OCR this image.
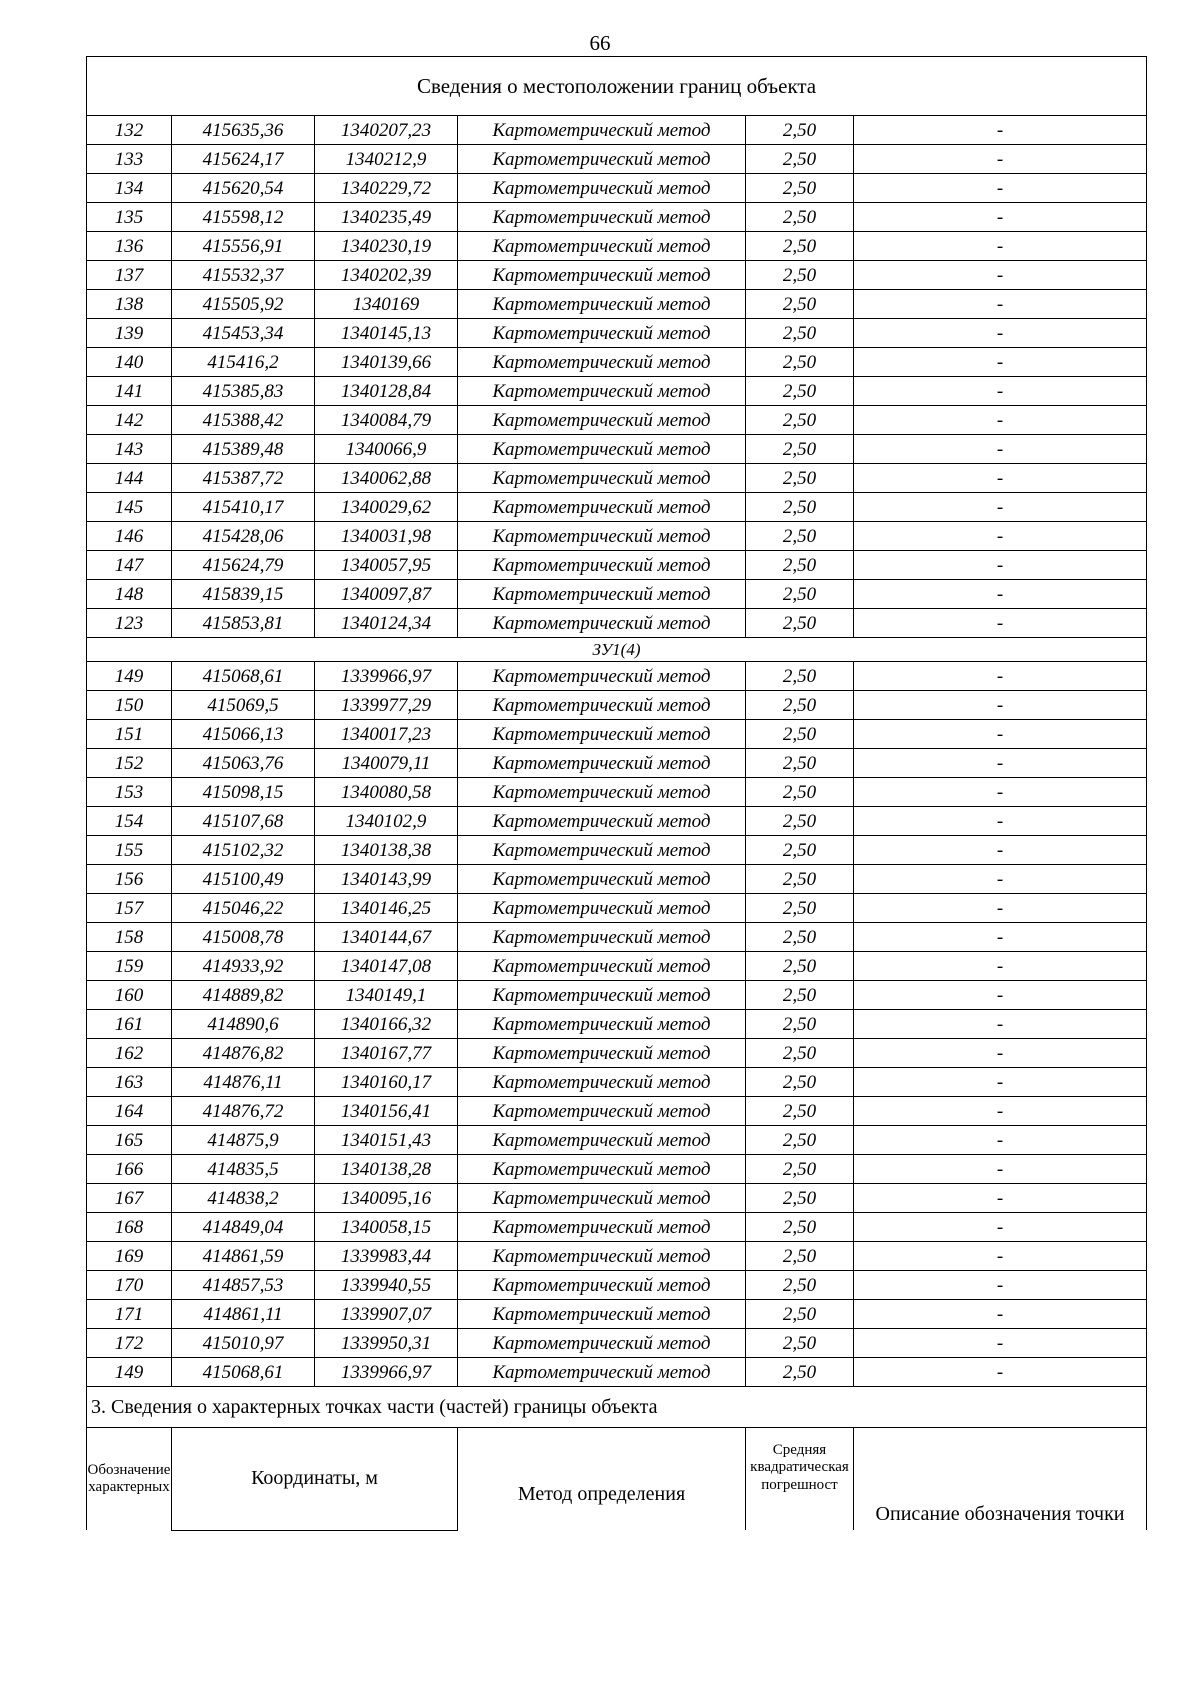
66
Сведения о местоположении границ объекта					
132	415635,36	1340207,23	Картометрический метод	2,50	-
133	415624,17	1340212,9	Картометрический метод	2,50	-
134	415620,54	1340229,72	Картометрический метод	2,50	-
135	415598,12	1340235,49	Картометрический метод	2,50	-
136	415556,91	1340230,19	Картометрический метод	2,50	-
137	415532,37	1340202,39	Картометрический метод	2,50	-
138	415505,92	1340169	Картометрический метод	2,50	-
139	415453,34	1340145,13	Картометрический метод	2,50	-
140	415416,2	1340139,66	Картометрический метод	2,50	-
141	415385,83	1340128,84	Картометрический метод	2,50	-
142	415388,42	1340084,79	Картометрический метод	2,50	-
143	415389,48	1340066,9	Картометрический метод	2,50	-
144	415387,72	1340062,88	Картометрический метод	2,50	-
145	415410,17	1340029,62	Картометрический метод	2,50	-
146	415428,06	1340031,98	Картометрический метод	2,50	-
147	415624,79	1340057,95	Картометрический метод	2,50	-
148	415839,15	1340097,87	Картометрический метод	2,50	-
123	415853,81	1340124,34	Картометрический метод	2,50	-
ЗУ1(4)					
149	415068,61	1339966,97	Картометрический метод	2,50	-
150	415069,5	1339977,29	Картометрический метод	2,50	-
151	415066,13	1340017,23	Картометрический метод	2,50	-
152	415063,76	1340079,11	Картометрический метод	2,50	-
153	415098,15	1340080,58	Картометрический метод	2,50	-
154	415107,68	1340102,9	Картометрический метод	2,50	-
155	415102,32	1340138,38	Картометрический метод	2,50	-
156	415100,49	1340143,99	Картометрический метод	2,50	-
157	415046,22	1340146,25	Картометрический метод	2,50	-
158	415008,78	1340144,67	Картометрический метод	2,50	-
159	414933,92	1340147,08	Картометрический метод	2,50	-
160	414889,82	1340149,1	Картометрический метод	2,50	-
161	414890,6	1340166,32	Картометрический метод	2,50	-
162	414876,82	1340167,77	Картометрический метод	2,50	-
163	414876,11	1340160,17	Картометрический метод	2,50	-
164	414876,72	1340156,41	Картометрический метод	2,50	-
165	414875,9	1340151,43	Картометрический метод	2,50	-
166	414835,5	1340138,28	Картометрический метод	2,50	-
167	414838,2	1340095,16	Картометрический метод	2,50	-
168	414849,04	1340058,15	Картометрический метод	2,50	-
169	414861,59	1339983,44	Картометрический метод	2,50	-
170	414857,53	1339940,55	Картометрический метод	2,50	-
171	414861,11	1339907,07	Картометрический метод	2,50	-
172	415010,97	1339950,31	Картометрический метод	2,50	-
149	415068,61	1339966,97	Картометрический метод	2,50	-
3. Сведения о характерных точках части (частей) границы объекта					
Обозначение характерных	Координаты, м		Метод определения	Средняя квадратическая погрешност	Описание обозначения точки
